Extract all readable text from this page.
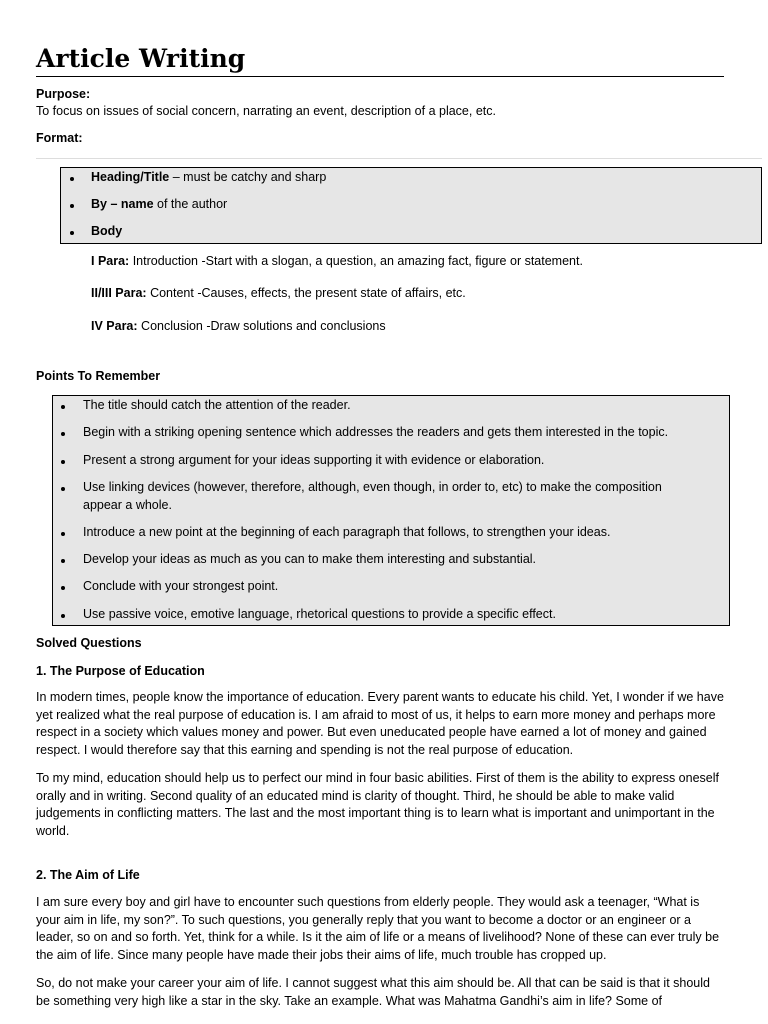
Article Writing

Purpose:

To focus on issues of social concern, narrating an event, description of a place, etc.

Format:

Heading/Title – must be catchy and sharp
By – name of the author
Body
I Para: Introduction -Start with a slogan, a question, an amazing fact, figure or statement.
II/III Para: Content -Causes, effects, the present state of affairs, etc.
IV Para: Conclusion -Draw solutions and conclusions

Points To Remember

The title should catch the attention of the reader.
Begin with a striking opening sentence which addresses the readers and gets them interested in the topic.
Present a strong argument for your ideas supporting it with evidence or elaboration.
Use linking devices (however, therefore, although, even though, in order to, etc) to make the composition appear a whole.
Introduce a new point at the beginning of each paragraph that follows, to strengthen your ideas.
Develop your ideas as much as you can to make them interesting and substantial.
Conclude with your strongest point.
Use passive voice, emotive language, rhetorical questions to provide a specific effect.

Solved Questions

1. The Purpose of Education

In modern times, people know the importance of education. Every parent wants to educate his child. Yet, I wonder if we have yet realized what the real purpose of education is. I am afraid to most of us, it helps to earn more money and perhaps more respect in a society which values money and power. But even uneducated people have earned a lot of money and gained respect. I would therefore say that this earning and spending is not the real purpose of education.

To my mind, education should help us to perfect our mind in four basic abilities. First of them is the ability to express oneself orally and in writing. Second quality of an educated mind is clarity of thought. Third, he should be able to make valid judgements in conflicting matters. The last and the most important thing is to learn what is important and unimportant in the world.

2. The Aim of Life

I am sure every boy and girl have to encounter such questions from elderly people. They would ask a teenager, “What is your aim in life, my son?”. To such questions, you generally reply that you want to become a doctor or an engineer or a leader, so on and so forth. Yet, think for a while. Is it the aim of life or a means of livelihood? None of these can ever truly be the aim of life. Since many people have made their jobs their aims of life, much trouble has cropped up.

So, do not make your career your aim of life. I cannot suggest what this aim should be. All that can be said is that it should be something very high like a star in the sky. Take an example. What was Mahatma Gandhi’s aim in life? Some of
